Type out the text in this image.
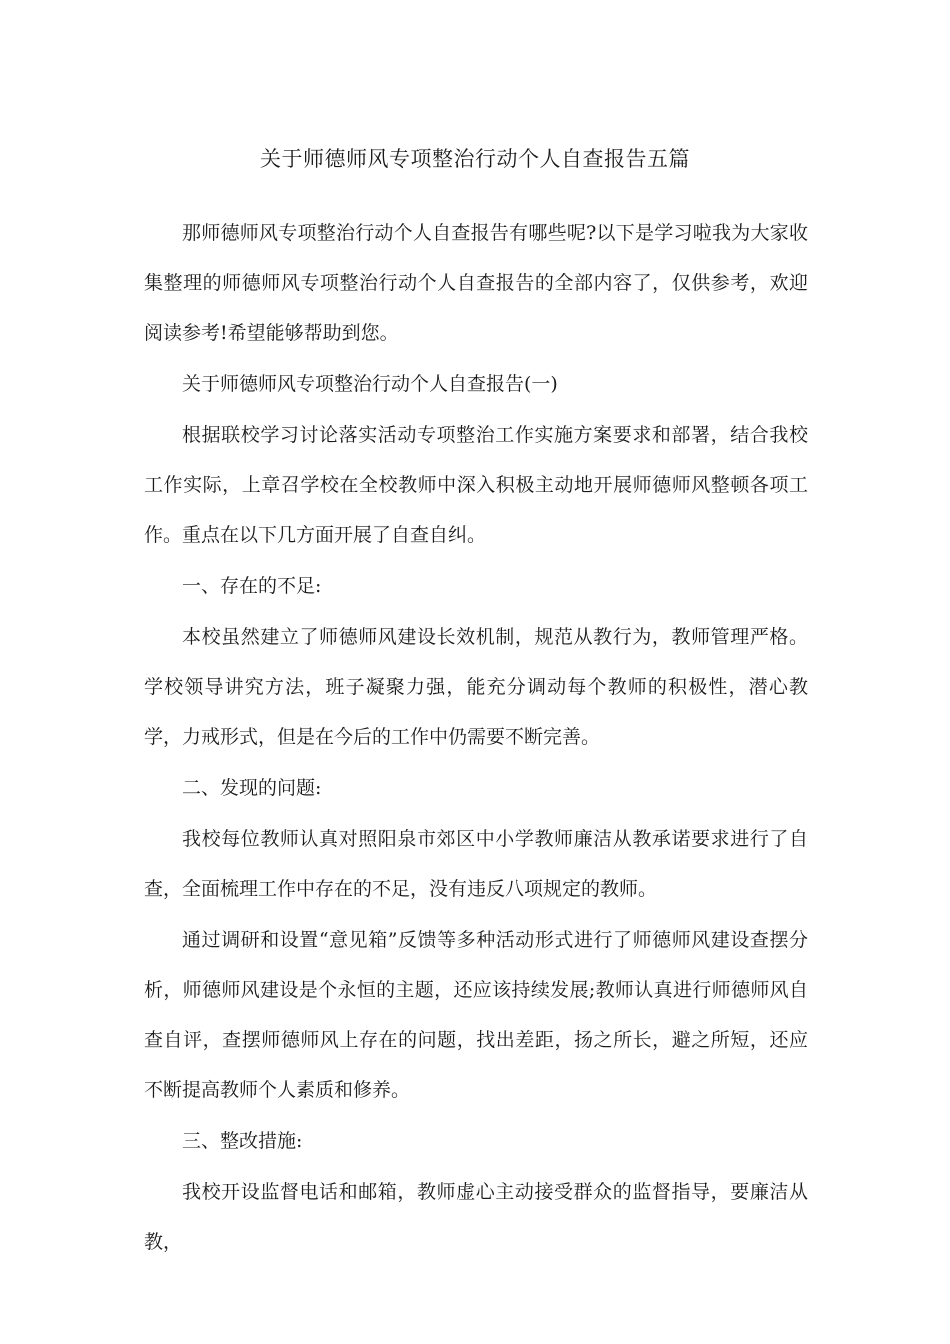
关于师德师风专项整治行动个人自查报告五篇

那师德师风专项整治行动个人自查报告有哪些呢?以下是学习啦我为大家收集整理的师德师风专项整治行动个人自查报告的全部内容了，仅供参考，欢迎阅读参考!希望能够帮助到您。

关于师德师风专项整治行动个人自查报告(一)

根据联校学习讨论落实活动专项整治工作实施方案要求和部署，结合我校工作实际，上章召学校在全校教师中深入积极主动地开展师德师风整顿各项工作。重点在以下几方面开展了自查自纠。

一、存在的不足:

本校虽然建立了师德师风建设长效机制，规范从教行为，教师管理严格。学校领导讲究方法，班子凝聚力强，能充分调动每个教师的积极性，潜心教学，力戒形式，但是在今后的工作中仍需要不断完善。

二、发现的问题:

我校每位教师认真对照阳泉市郊区中小学教师廉洁从教承诺要求进行了自查，全面梳理工作中存在的不足，没有违反八项规定的教师。

通过调研和设置“意见箱”反馈等多种活动形式进行了师德师风建设查摆分析，师德师风建设是个永恒的主题，还应该持续发展;教师认真进行师德师风自查自评，查摆师德师风上存在的问题，找出差距，扬之所长，避之所短，还应不断提高教师个人素质和修养。

三、整改措施:

我校开设监督电话和邮箱，教师虚心主动接受群众的监督指导，要廉洁从教，
